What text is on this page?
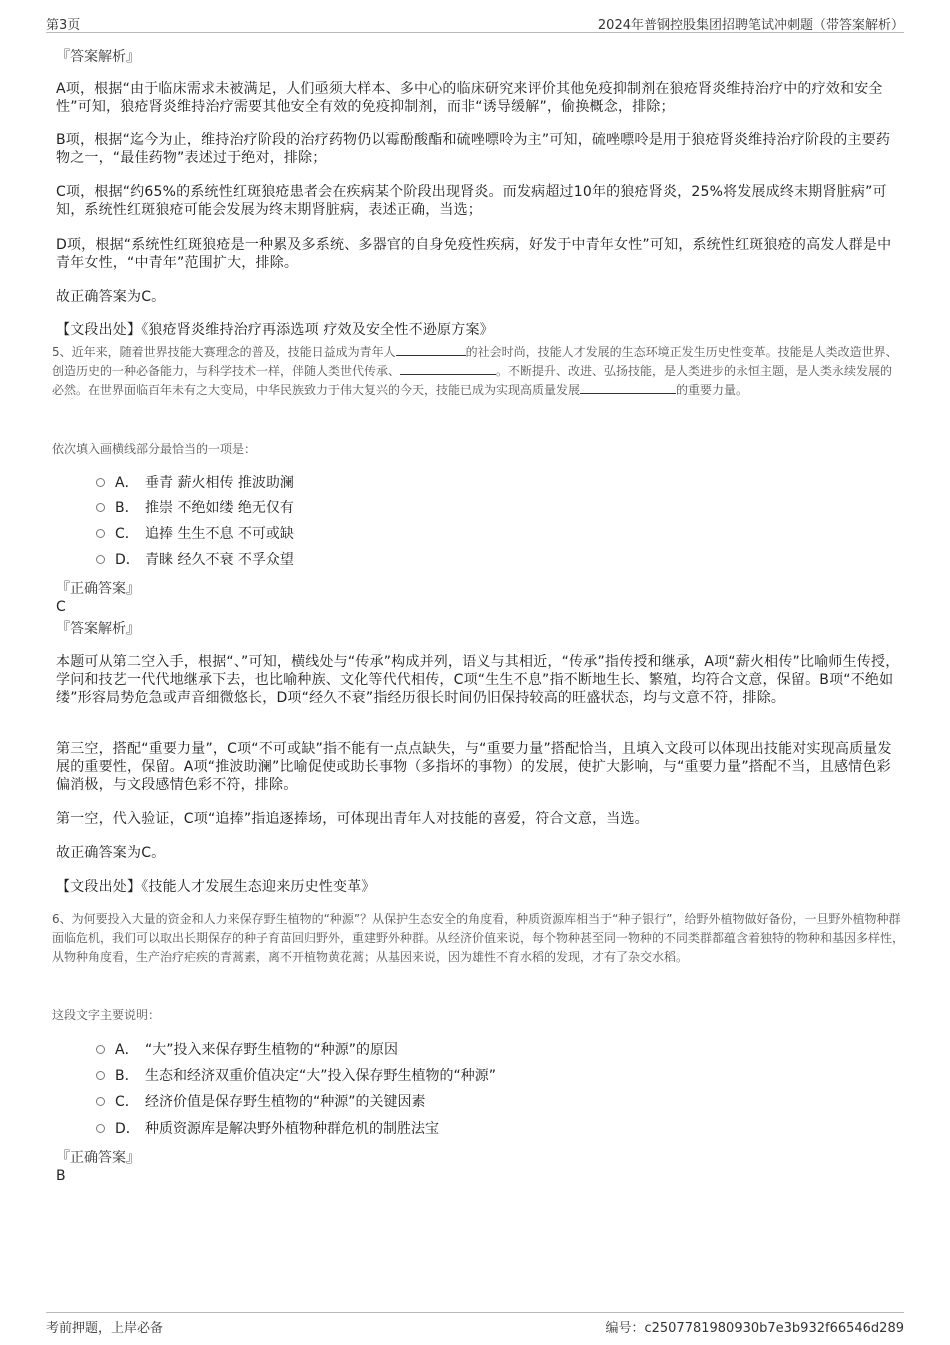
第3页	2024年普钢控股集团招聘笔试冲刺题（带答案解析）
『答案解析』
A项，根据“由于临床需求未被满足，人们亟须大样本、多中心的临床研究来评价其他免疫抑制剂在狼疮肾炎维持治疗中的疗效和安全性”可知，狼疮肾炎维持治疗需要其他安全有效的免疫抑制剂，而非“诱导缓解”，偷换概念，排除；
B项，根据“迄今为止，维持治疗阶段的治疗药物仍以霉酚酸酯和硫唑嘌呤为主”可知，硫唑嘌呤是用于狼疮肾炎维持治疗阶段的主要药物之一，“最佳药物”表述过于绝对，排除；
C项，根据“约65%的系统性红斑狼疮患者会在疾病某个阶段出现肾炎。而发病超过10年的狼疮肾炎，25%将发展成终末期肾脏病”可知，系统性红斑狼疮可能会发展为终末期肾脏病，表述正确，当选；
D项，根据“系统性红斑狼疮是一种累及多系统、多器官的自身免疫性疾病，好发于中青年女性”可知，系统性红斑狼疮的高发人群是中青年女性，“中青年”范围扩大，排除。
故正确答案为C。
【文段出处】《狼疮肾炎维持治疗再添选项 疗效及安全性不逊原方案》
5、近年来，随着世界技能大赛理念的普及，技能日益成为青年人	的社会时尚，技能人才发展的生态环境正发生历史性变革。技能是人类改造世界、创造历史的一种必备能力，与科学技术一样，伴随人类世代传承、	。不断提升、改进、弘扬技能，是人类进步的永恒主题，是人类永续发展的必然。在世界面临百年未有之大变局，中华民族致力于伟大复兴的今天，技能已成为实现高质量发展	的重要力量。
依次填入画横线部分最恰当的一项是：
A． 垂青 薪火相传 推波助澜
B． 推崇 不绝如缕 绝无仅有
C． 追捧 生生不息 不可或缺
D． 青睐 经久不衰 不孚众望
『正确答案』
C
『答案解析』
本题可从第二空入手，根据“、”可知，横线处与“传承”构成并列，语义与其相近，“传承”指传授和继承，A项“薪火相传”比喻师生传授，学问和技艺一代代地继承下去，也比喻种族、文化等代代相传，C项“生生不息”指不断地生长、繁殖，均符合文意，保留。B项“不绝如缕”形容局势危急或声音细微悠长，D项“经久不衰”指经历很长时间仍旧保持较高的旺盛状态，均与文意不符，排除。
第三空，搭配“重要力量”，C项“不可或缺”指不能有一点点缺失，与“重要力量”搭配恰当，且填入文段可以体现出技能对实现高质量发展的重要性，保留。A项“推波助澜”比喻促使或助长事物（多指坏的事物）的发展，使扩大影响，与“重要力量”搭配不当，且感情色彩偏消极，与文段感情色彩不符，排除。
第一空，代入验证，C项“追捧”指追逐捧场，可体现出青年人对技能的喜爱，符合文意，当选。
故正确答案为C。
【文段出处】《技能人才发展生态迎来历史性变革》
6、为何要投入大量的资金和人力来保存野生植物的“种源”？从保护生态安全的角度看，种质资源库相当于“种子银行”，给野外植物做好备份，一旦野外植物种群面临危机，我们可以取出长期保存的种子育苗回归野外，重建野外种群。从经济价值来说，每个物种甚至同一物种的不同类群都蕴含着独特的物种和基因多样性，从物种角度看，生产治疗疟疾的青蒿素，离不开植物黄花蒿；从基因来说，因为雄性不育水稻的发现，才有了杂交水稻。
这段文字主要说明：
A． “大”投入来保存野生植物的“种源”的原因
B． 生态和经济双重价值决定“大”投入保存野生植物的“种源”
C． 经济价值是保存野生植物的“种源”的关键因素
D． 种质资源库是解决野外植物种群危机的制胜法宝
『正确答案』
B
考前押题，上岸必备	编号：c2507781980930b7e3b932f66546d289
